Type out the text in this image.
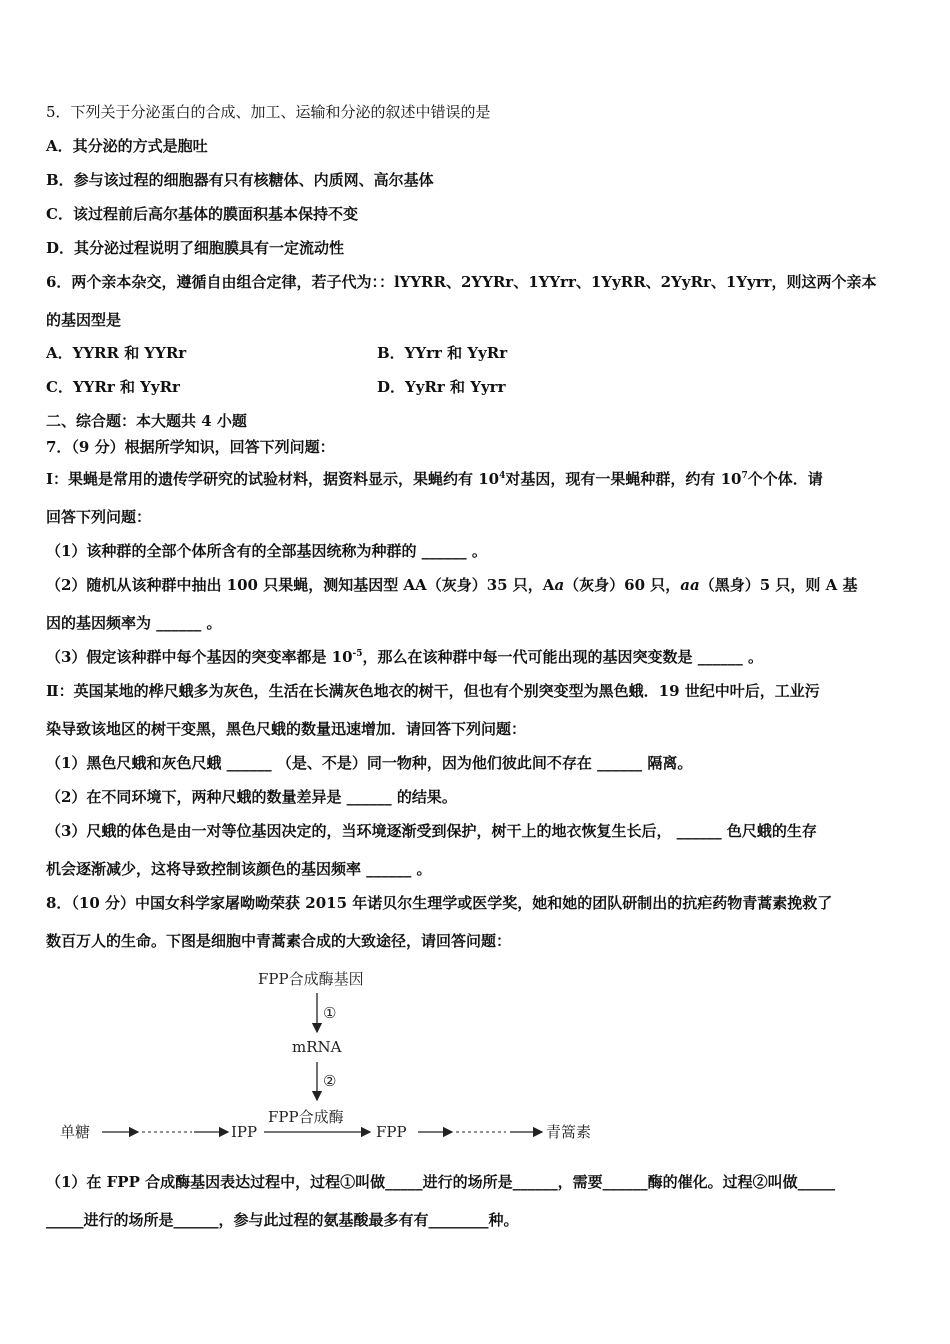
5．下列关于分泌蛋白的合成、加工、运输和分泌的叙述中错误的是
A．其分泌的方式是胞吐
B．参与该过程的细胞器有只有核糖体、内质网、高尔基体
C．该过程前后高尔基体的膜面积基本保持不变
D．其分泌过程说明了细胞膜具有一定流动性
6．两个亲本杂交，遵循自由组合定律，若子代为：：lYYRR、2YYRr、1YYrr、1YyRR、2YyRr、1Yyrr，则这两个亲本
的基因型是
A．YYRR 和 YYRr	B．YYrr 和 YyRr
C．YYRr 和 YyRr	D．YyRr 和 Yyrr
二、综合题：本大题共 4 小题
7．（9 分）根据所学知识，回答下列问题：
Ⅰ：果蝇是常用的遗传学研究的试验材料，据资料显示，果蝇约有 $10^4$对基因，现有一果蝇种群，约有 $10^7$个个体．请
回答下列问题：
（1）该种群的全部个体所含有的全部基因统称为种群的 ______ 。
（2）随机从该种群中抽出 100 只果蝇，测知基因型 AA（灰身）35 只，Aa（灰身）60 只，aa（黑身）5 只，则 A 基
因的基因频率为 ______ 。
（3）假定该种群中每个基因的突变率都是 $10^{-5}$，那么在该种群中每一代可能出现的基因突变数是 ______ 。
Ⅱ：英国某地的桦尺蛾多为灰色，生活在长满灰色地衣的树干，但也有个别突变型为黑色蛾．19 世纪中叶后，工业污
染导致该地区的树干变黑，黑色尺蛾的数量迅速增加．请回答下列问题：
（1）黑色尺蛾和灰色尺蛾 ______ （是、不是）同一物种，因为他们彼此间不存在 ______ 隔离。
（2）在不同环境下，两种尺蛾的数量差异是 ______ 的结果。
（3）尺蛾的体色是由一对等位基因决定的，当环境逐渐受到保护，树干上的地衣恢复生长后， ______ 色尺蛾的生存
机会逐渐减少，这将导致控制该颜色的基因频率 ______ 。
8．（10 分）中国女科学家屠呦呦荣获 2015 年诺贝尔生理学或医学奖，她和她的团队研制出的抗疟药物青蒿素挽救了
数百万人的生命。下图是细胞中青蒿素合成的大致途径，请回答问题：
FPP合成酶基因
①
mRNA
②
FPP合成酶
单糖	IPP	FPP	青篙素
（1）在 FPP 合成酶基因表达过程中，过程①叫做_____进行的场所是______，需要______酶的催化。过程②叫做_____
_____进行的场所是______，参与此过程的氨基酸最多有有________种。
